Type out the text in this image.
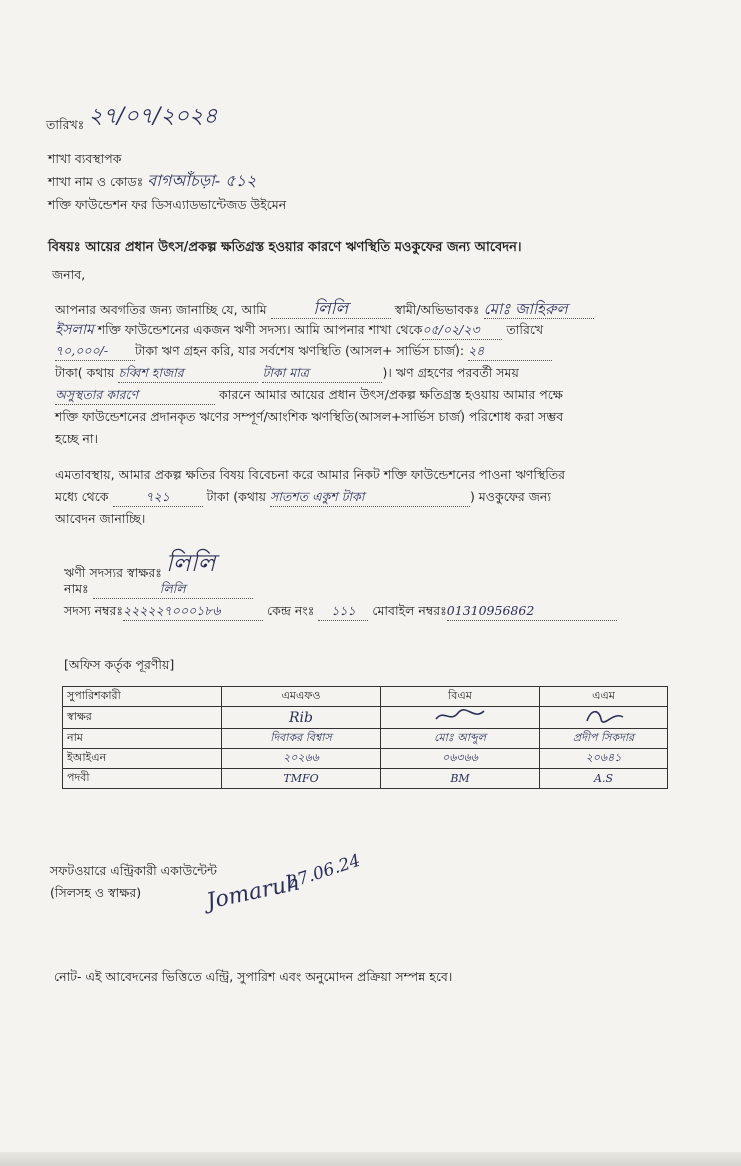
তারিখঃ ২৭/০৭/২০২৪
শাখা ব্যবস্থাপক
শাখা নাম ও কোডঃ বাগআঁচড়া- ৫১২
শক্তি ফাউন্ডেশন ফর ডিসএ্যাডভান্টেজড উইমেন
বিষয়ঃ আয়ের প্রধান উৎস/প্রকল্প ক্ষতিগ্রস্ত হওয়ার কারণে ঋণস্থিতি মওকুফের জন্য আবেদন।
জনাব,
আপনার অবগতির জন্য জানাচ্ছি যে, আমি	লিলি	স্বামী/অভিভাবকঃ মোঃ জাহিরুল
ইসলাম শক্তি ফাউন্ডেশনের একজন ঋণী সদস্য। আমি আপনার শাখা থেকে০৫/০২/২৩ তারিখে
৭০,০০০/- টাকা ঋণ গ্রহন করি, যার সর্বশেষ ঋণস্থিতি (আসল+ সার্ভিস চার্জ): ২৪
টাকা( কথায় চব্বিশ হাজার	টাকা মাত্র	)। ঋণ গ্রহণের পরবর্তী সময়
অসুস্থতার কারণে	কারনে আমার আয়ের প্রধান উৎস/প্রকল্প ক্ষতিগ্রস্ত হওয়ায় আমার পক্ষে
শক্তি ফাউন্ডেশনের প্রদানকৃত ঋণের সম্পূর্ণ/আংশিক ঋণস্থিতি(আসল+সার্ভিস চার্জ) পরিশোধ করা সম্ভব
হচ্ছে না।
এমতাবস্থায়, আমার প্রকল্প ক্ষতির বিষয় বিবেচনা করে আমার নিকট শক্তি ফাউন্ডেশনের পাওনা ঋণস্থিতির
মধ্যে থেকে	৭২১	টাকা (কথায় সাতশত একুশ টাকা	) মওকুফের জন্য
আবেদন জানাচ্ছি।
ঋণী সদস্যর স্বাক্ষরঃ লিলি
নামঃ	লিলি
সদস্য নম্বরঃ২২২২২৭০০০১৮৬	কেন্দ্র নংঃ ১১১ মোবাইল নম্বরঃ01310956862
[অফিস কর্তৃক পূরণীয়]
সুপারিশকারী	এমএফও	বিএম	এএম
স্বাক্ষর	Rib		
নাম	দিবাকর বিশ্বাস	মোঃ আব্দুল	প্রদীপ সিকদার
ইআইএন	২০২৬৬	০৬৩৬৬	২০৬৪১
পদবী	TMFO	BM	A.S
সফটওয়ারে এন্ট্রিকারী একাউন্টেন্ট
(সিলসহ ও স্বাক্ষর)	Jomaruh
27.06.24
নোট- এই আবেদনের ভিত্তিতে এন্ট্রি, সুপারিশ এবং অনুমোদন প্রক্রিয়া সম্পন্ন হবে।
